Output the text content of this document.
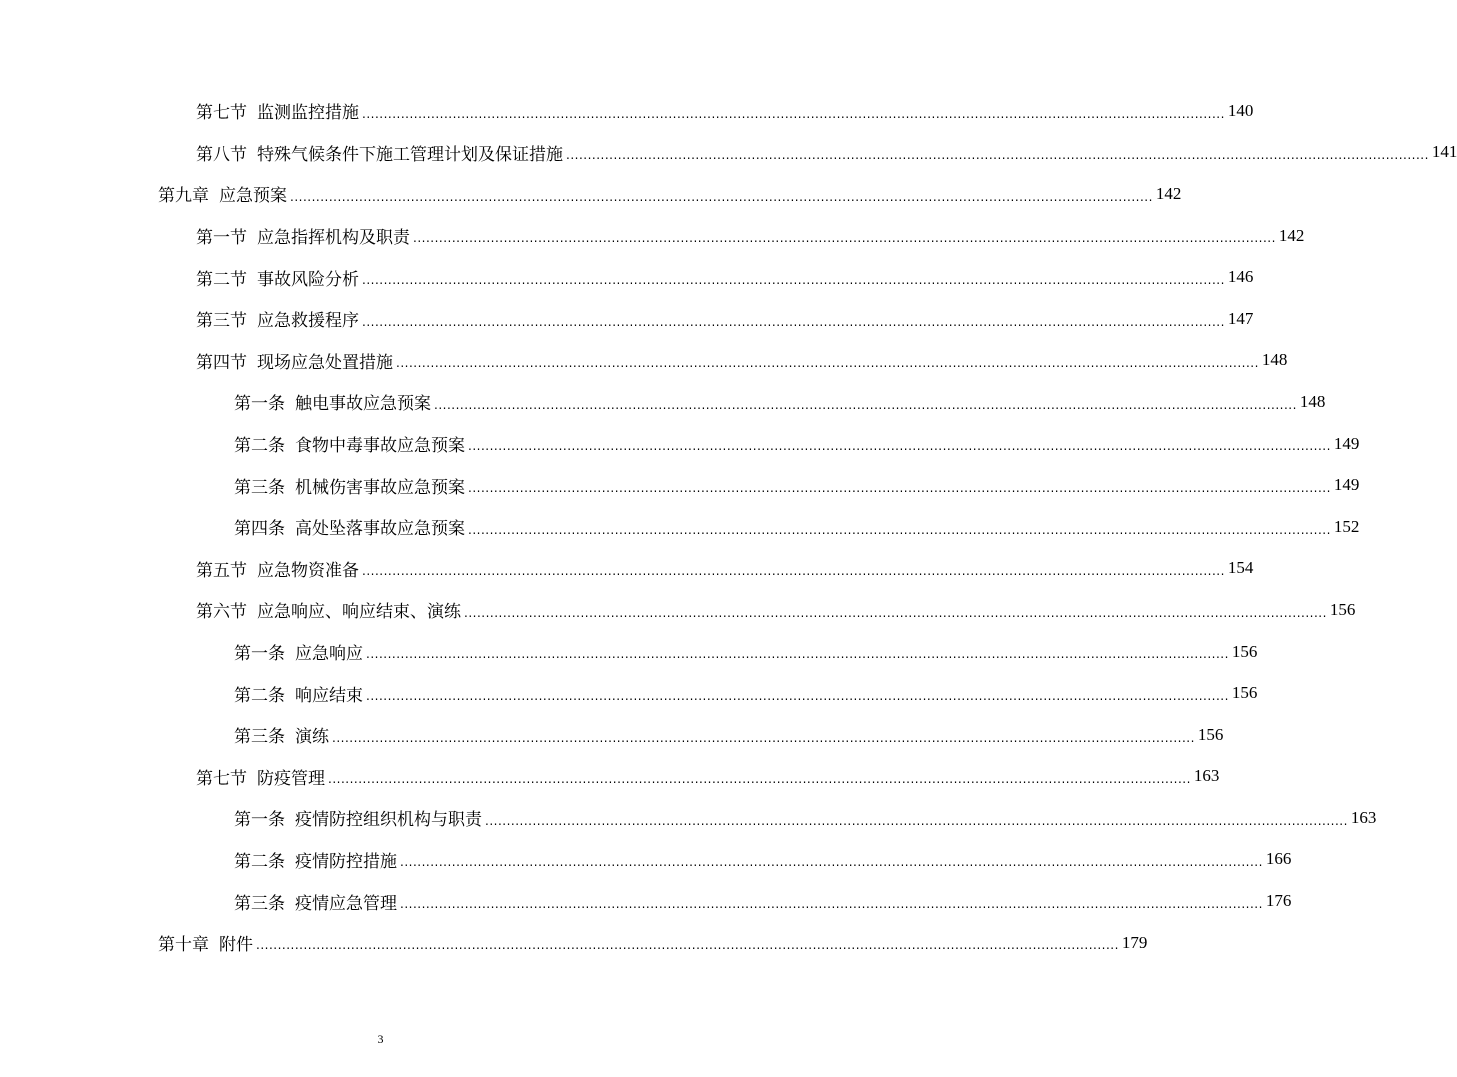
第七节 监测监控措施 ........................................................................................................................................................................................................ 140
第八节 特殊气候条件下施工管理计划及保证措施 ........................................................................................................................................................................................................ 141
第九章 应急预案 ........................................................................................................................................................................................................ 142
第一节 应急指挥机构及职责 ........................................................................................................................................................................................................ 142
第二节 事故风险分析 ........................................................................................................................................................................................................ 146
第三节 应急救援程序 ........................................................................................................................................................................................................ 147
第四节 现场应急处置措施 ........................................................................................................................................................................................................ 148
第一条 触电事故应急预案 ........................................................................................................................................................................................................ 148
第二条 食物中毒事故应急预案 ........................................................................................................................................................................................................ 149
第三条 机械伤害事故应急预案 ........................................................................................................................................................................................................ 149
第四条 高处坠落事故应急预案 ........................................................................................................................................................................................................ 152
第五节 应急物资准备 ........................................................................................................................................................................................................ 154
第六节 应急响应、响应结束、演练 ........................................................................................................................................................................................................ 156
第一条 应急响应 ........................................................................................................................................................................................................ 156
第二条 响应结束 ........................................................................................................................................................................................................ 156
第三条 演练 ........................................................................................................................................................................................................ 156
第七节 防疫管理 ........................................................................................................................................................................................................ 163
第一条 疫情防控组织机构与职责 ........................................................................................................................................................................................................ 163
第二条 疫情防控措施 ........................................................................................................................................................................................................ 166
第三条 疫情应急管理 ........................................................................................................................................................................................................ 176
第十章 附件 ........................................................................................................................................................................................................ 179
3
